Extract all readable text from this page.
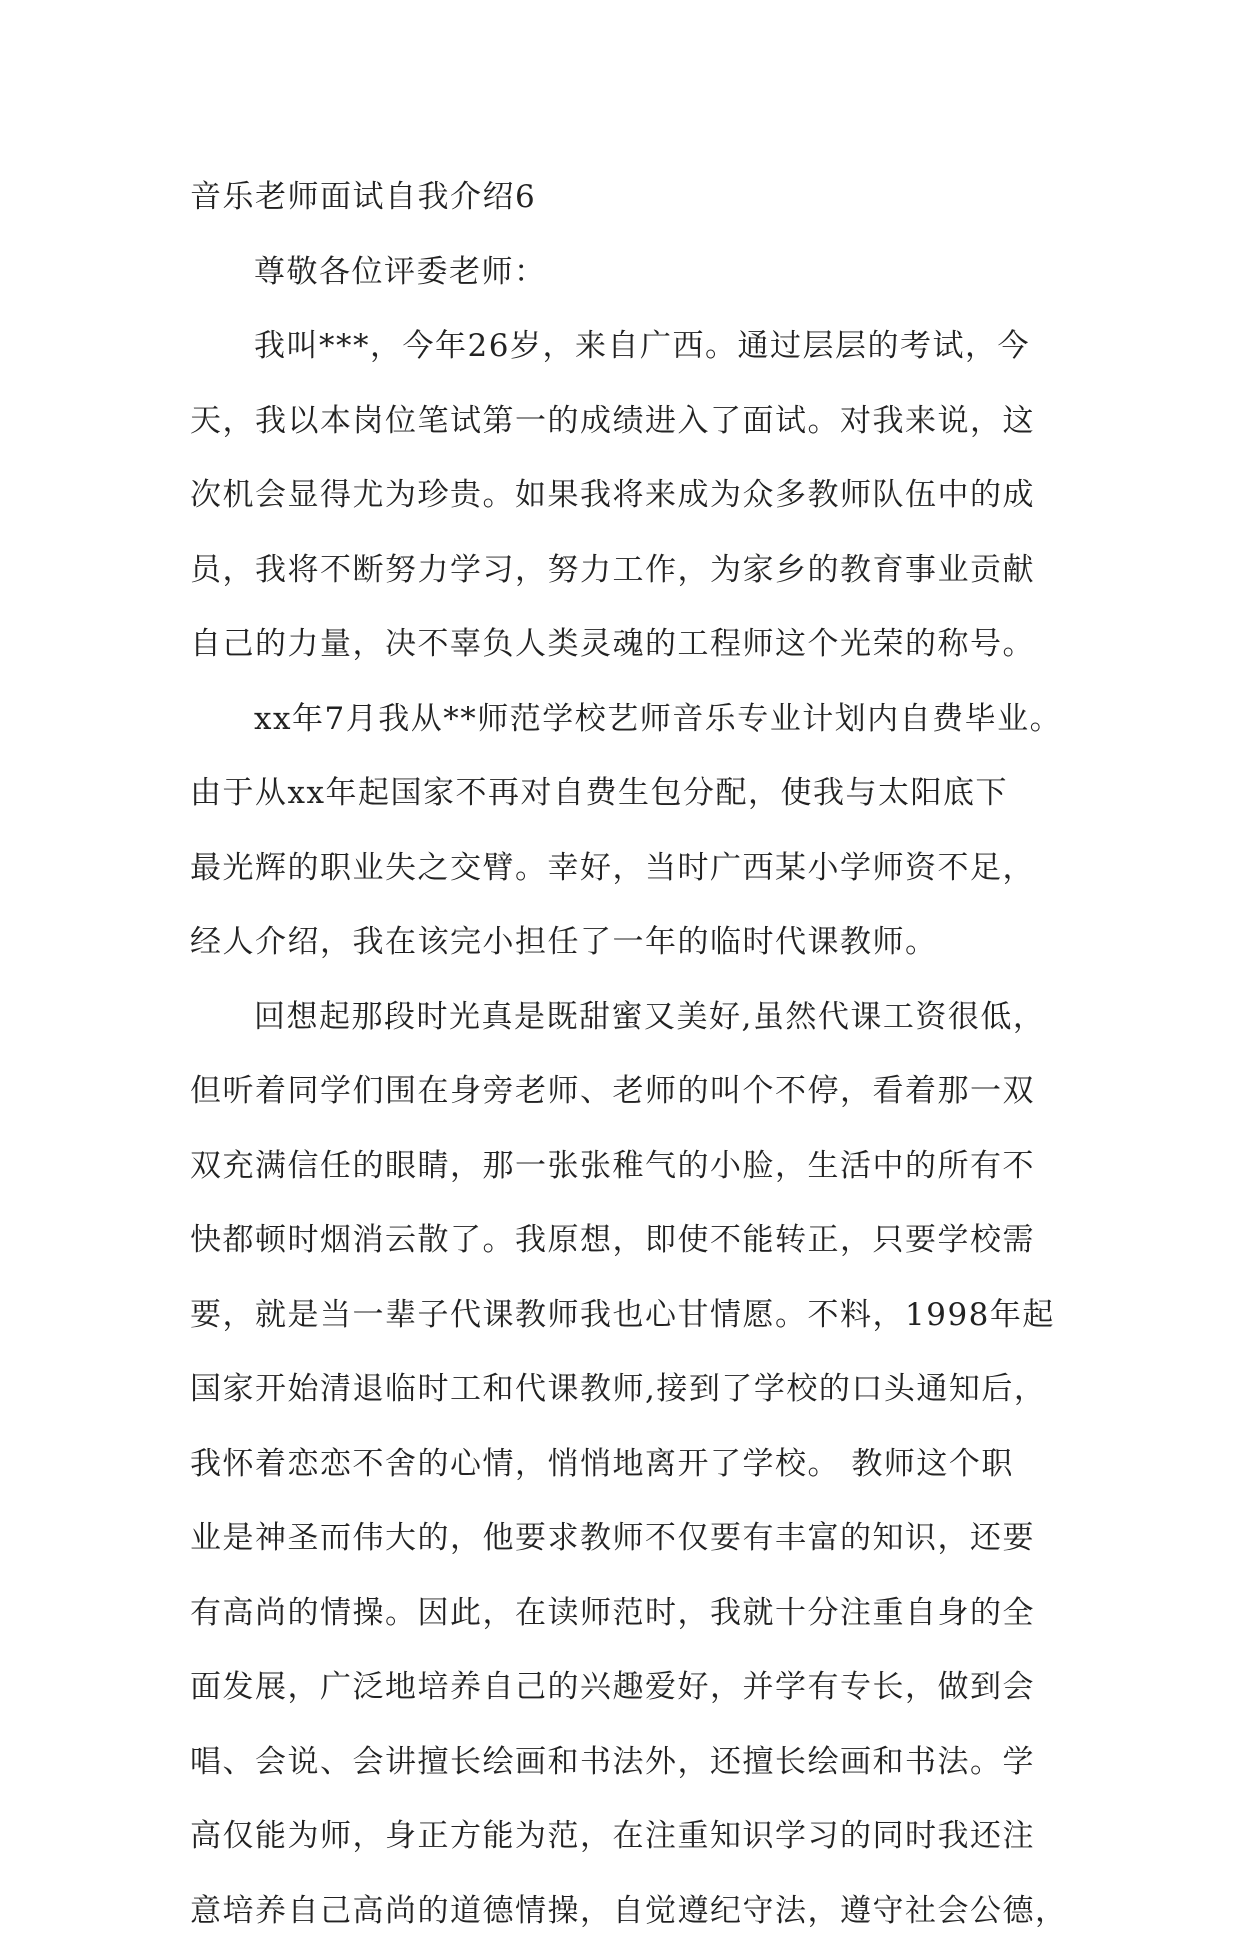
音乐老师面试自我介绍6
尊敬各位评委老师：
我叫***，今年26岁，来自广西。通过层层的考试，今
天，我以本岗位笔试第一的成绩进入了面试。对我来说，这
次机会显得尤为珍贵。如果我将来成为众多教师队伍中的成
员，我将不断努力学习，努力工作，为家乡的教育事业贡献
自己的力量，决不辜负人类灵魂的工程师这个光荣的称号。
xx年7月我从**师范学校艺师音乐专业计划内自费毕业。
由于从xx年起国家不再对自费生包分配，使我与太阳底下
最光辉的职业失之交臂。幸好，当时广西某小学师资不足，
经人介绍，我在该完小担任了一年的临时代课教师。
回想起那段时光真是既甜蜜又美好,虽然代课工资很低，
但听着同学们围在身旁老师、老师的叫个不停，看着那一双
双充满信任的眼睛，那一张张稚气的小脸，生活中的所有不
快都顿时烟消云散了。我原想，即使不能转正，只要学校需
要，就是当一辈子代课教师我也心甘情愿。不料，1998年起
国家开始清退临时工和代课教师,接到了学校的口头通知后，
我怀着恋恋不舍的心情，悄悄地离开了学校。 教师这个职
业是神圣而伟大的，他要求教师不仅要有丰富的知识，还要
有高尚的情操。因此，在读师范时，我就十分注重自身的全
面发展，广泛地培养自己的兴趣爱好，并学有专长，做到会
唱、会说、会讲擅长绘画和书法外，还擅长绘画和书法。学
高仅能为师，身正方能为范，在注重知识学习的同时我还注
意培养自己高尚的道德情操，自觉遵纪守法，遵守社会公德，
